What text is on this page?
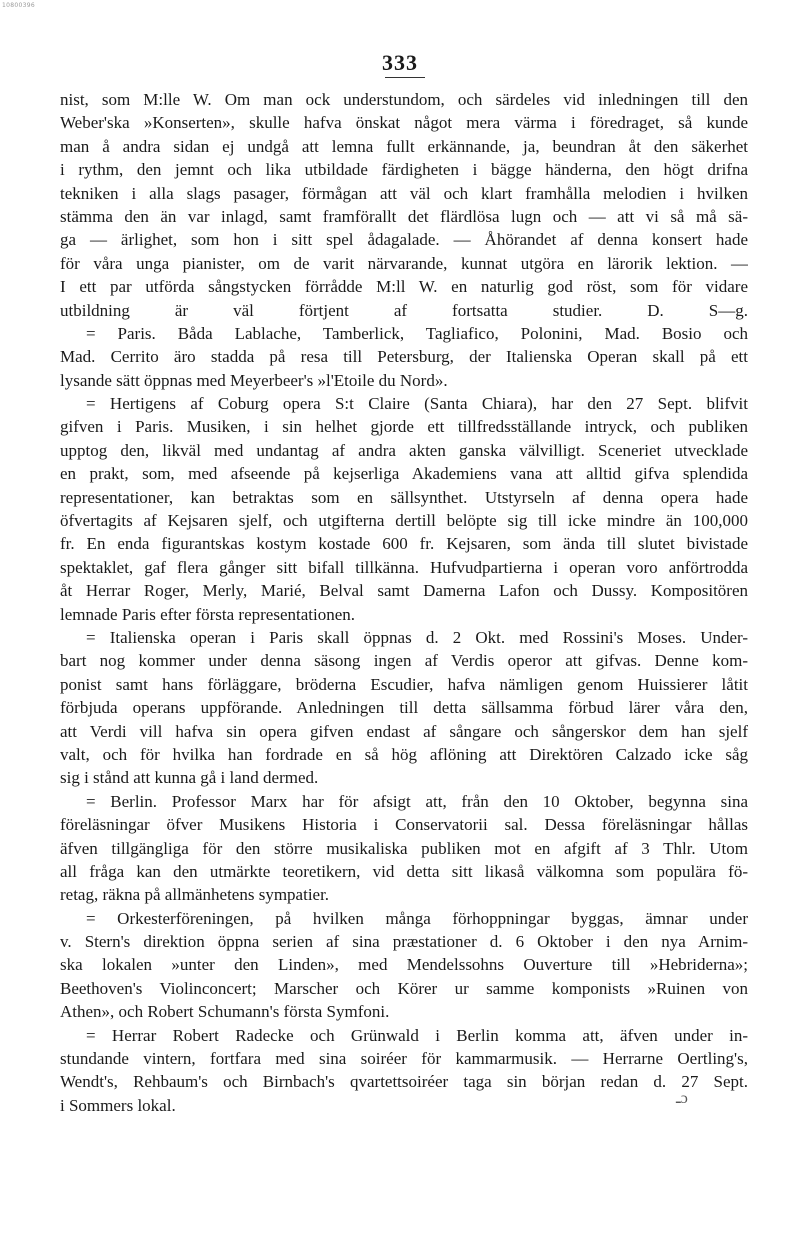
10800396
333
nist, som M:lle W. Om man ock understundom, och särdeles vid inledningen till den
Weber'ska »Konserten», skulle hafva önskat något mera värma i föredraget, så kunde
man å andra sidan ej undgå att lemna fullt erkännande, ja, beundran åt den säkerhet
i rythm, den jemnt och lika utbildade färdigheten i bägge händerna, den högt drifna
tekniken i alla slags pasager, förmågan att väl och klart framhålla melodien i hvilken
stämma den än var inlagd, samt framförallt det flärdlösa lugn och — att vi så må sä-
ga — ärlighet, som hon i sitt spel ådagalade. — Åhörandet af denna konsert hade
för våra unga pianister, om de varit närvarande, kunnat utgöra en lärorik lektion. —
I ett par utförda sångstycken förrådde M:ll W. en naturlig god röst, som för vidare
utbildning är väl förtjent af fortsatta studier. D. S—g.
= Paris. Båda Lablache, Tamberlick, Tagliafico, Polonini, Mad. Bosio och
Mad. Cerrito äro stadda på resa till Petersburg, der Italienska Operan skall på ett
lysande sätt öppnas med Meyerbeer's »l'Etoile du Nord».
= Hertigens af Coburg opera S:t Claire (Santa Chiara), har den 27 Sept. blifvit
gifven i Paris. Musiken, i sin helhet gjorde ett tillfredsställande intryck, och publiken
upptog den, likväl med undantag af andra akten ganska välvilligt. Sceneriet utvecklade
en prakt, som, med afseende på kejserliga Akademiens vana att alltid gifva splendida
representationer, kan betraktas som en sällsynthet. Utstyrseln af denna opera hade
öfvertagits af Kejsaren sjelf, och utgifterna dertill belöpte sig till icke mindre än 100,000
fr. En enda figurantskas kostym kostade 600 fr. Kejsaren, som ända till slutet bivistade
spektaklet, gaf flera gånger sitt bifall tillkänna. Hufvudpartierna i operan voro anförtrodda
åt Herrar Roger, Merly, Marié, Belval samt Damerna Lafon och Dussy. Kompositören
lemnade Paris efter första representationen.
= Italienska operan i Paris skall öppnas d. 2 Okt. med Rossini's Moses. Under-
bart nog kommer under denna säsong ingen af Verdis operor att gifvas. Denne kom-
ponist samt hans förläggare, bröderna Escudier, hafva nämligen genom Huissierer låtit
förbjuda operans uppförande. Anledningen till detta sällsamma förbud lärer våra den,
att Verdi vill hafva sin opera gifven endast af sångare och sångerskor dem han sjelf
valt, och för hvilka han fordrade en så hög aflöning att Direktören Calzado icke såg
sig i stånd att kunna gå i land dermed.
= Berlin. Professor Marx har för afsigt att, från den 10 Oktober, begynna sina
föreläsningar öfver Musikens Historia i Conservatorii sal. Dessa föreläsningar hållas
äfven tillgängliga för den större musikaliska publiken mot en afgift af 3 Thlr. Utom
all fråga kan den utmärkte teoretikern, vid detta sitt likaså välkomna som populära fö-
retag, räkna på allmänhetens sympatier.
= Orkesterföreningen, på hvilken många förhoppningar byggas, ämnar under
v. Stern's direktion öppna serien af sina præstationer d. 6 Oktober i den nya Arnim-
ska lokalen »unter den Linden», med Mendelssohns Ouverture till »Hebriderna»;
Beethoven's Violinconcert; Marscher och Körer ur samme komponists »Ruinen von
Athen», och Robert Schumann's första Symfoni.
= Herrar Robert Radecke och Grünwald i Berlin komma att, äfven under in-
stundande vintern, fortfara med sina soiréer för kammarmusik. — Herrarne Oertling's,
Wendt's, Rehbaum's och Birnbach's qvartettsoiréer taga sin början redan d. 27 Sept.
i Sommers lokal.	ـɔ
